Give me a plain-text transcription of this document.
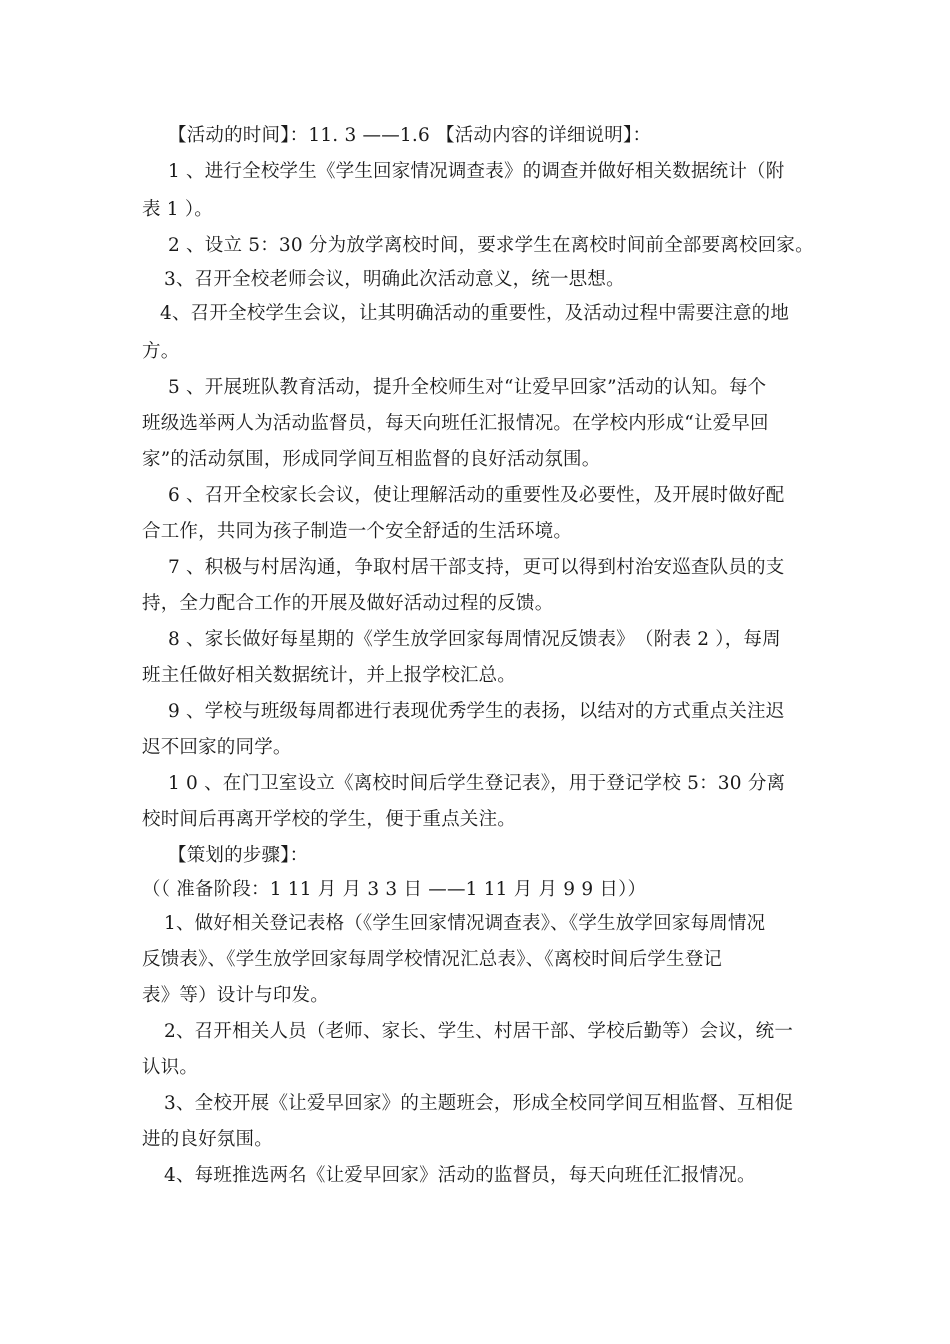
【活动的时间】：11. 3 ——1.6 【活动内容的详细说明】：
1 、进行全校学生《学生回家情况调查表》的调查并做好相关数据统计（附
表 1 ）。
2 、设立 5：30 分为放学离校时间，要求学生在离校时间前全部要离校回家。
3、召开全校老师会议，明确此次活动意义，统一思想。
4、召开全校学生会议，让其明确活动的重要性，及活动过程中需要注意的地
方。
5 、开展班队教育活动，提升全校师生对“让爱早回家”活动的认知。每个
班级选举两人为活动监督员，每天向班任汇报情况。在学校内形成“让爱早回
家”的活动氛围，形成同学间互相监督的良好活动氛围。
6 、召开全校家长会议，使让理解活动的重要性及必要性，及开展时做好配
合工作，共同为孩子制造一个安全舒适的生活环境。
7 、积极与村居沟通，争取村居干部支持，更可以得到村治安巡查队员的支
持，全力配合工作的开展及做好活动过程的反馈。
8 、家长做好每星期的《学生放学回家每周情况反馈表》　（附表 2 ），每周
班主任做好相关数据统计，并上报学校汇总。
9 、学校与班级每周都进行表现优秀学生的表扬，以结对的方式重点关注迟
迟不回家的同学。
1 0 、在门卫室设立《离校时间后学生登记表》，用于登记学校 5：30 分离
校时间后再离开学校的学生，便于重点关注。
【策划的步骤】：
（（ 准备阶段：1 11 月 月 3 3 日 ——1 11 月 月 9 9 日））
1、做好相关登记表格（《学生回家情况调查表》、《学生放学回家每周情况
反馈表》、《学生放学回家每周学校情况汇总表》、《离校时间后学生登记
表》等）设计与印发。
2、召开相关人员（老师、家长、学生、村居干部、学校后勤等）会议，统一
认识。
3、全校开展《让爱早回家》的主题班会，形成全校同学间互相监督、互相促
进的良好氛围。
4、每班推选两名《让爱早回家》活动的监督员，每天向班任汇报情况。
